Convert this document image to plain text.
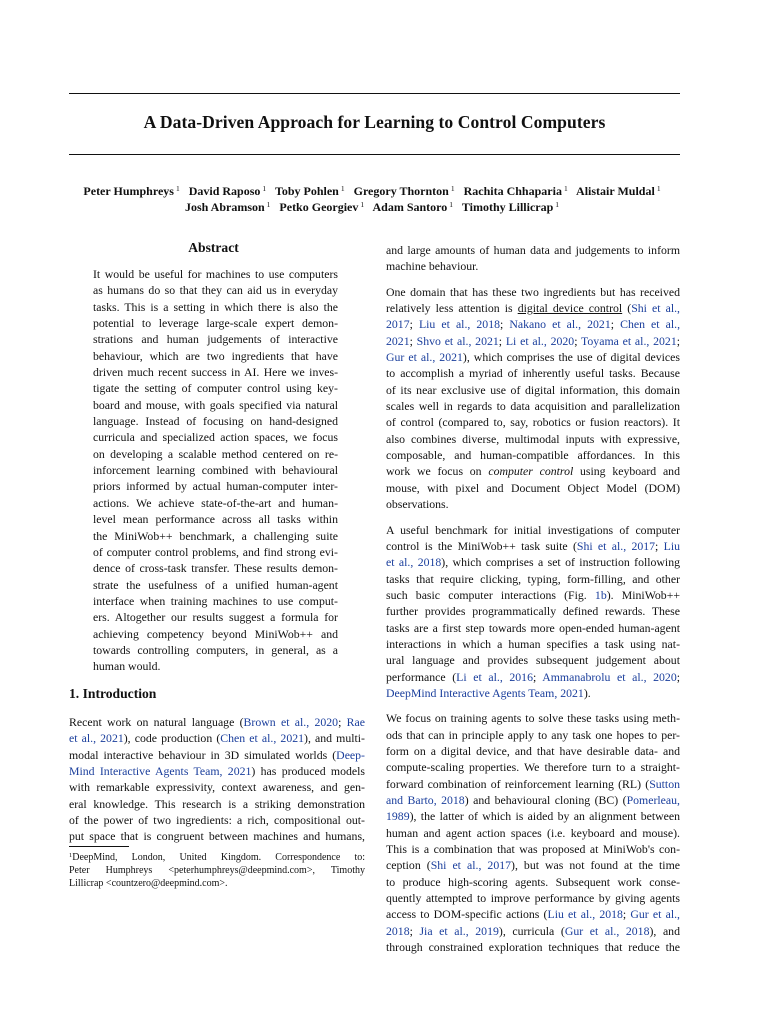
A Data-Driven Approach for Learning to Control Computers
Peter Humphreys $^1$ David Raposo $^1$ Toby Pohlen $^1$ Gregory Thornton $^1$ Rachita Chhaparia $^1$ Alistair Muldal $^1$
Josh Abramson $^1$ Petko Georgiev $^1$ Adam Santoro $^1$ Timothy Lillicrap $^1$
Abstract
It would be useful for machines to use computers
as humans do so that they can aid us in everyday
tasks. This is a setting in which there is also the
potential to leverage large-scale expert demon-
strations and human judgements of interactive
behaviour, which are two ingredients that have
driven much recent success in AI. Here we inves-
tigate the setting of computer control using key-
board and mouse, with goals specified via natural
language. Instead of focusing on hand-designed
curricula and specialized action spaces, we focus
on developing a scalable method centered on re-
inforcement learning combined with behavioural
priors informed by actual human-computer inter-
actions. We achieve state-of-the-art and human-
level mean performance across all tasks within
the MiniWob++ benchmark, a challenging suite
of computer control problems, and find strong evi-
dence of cross-task transfer. These results demon-
strate the usefulness of a unified human-agent
interface when training machines to use comput-
ers. Altogether our results suggest a formula for
achieving competency beyond MiniWob++ and
towards controlling computers, in general, as a
human would.
1. Introduction
Recent work on natural language (Brown et al., 2020; Rae
et al., 2021), code production (Chen et al., 2021), and multi-
modal interactive behaviour in 3D simulated worlds (Deep-
Mind Interactive Agents Team, 2021) has produced models
with remarkable expressivity, context awareness, and gen-
eral knowledge. This research is a striking demonstration
of the power of two ingredients: a rich, compositional out-
put space that is congruent between machines and humans,
$^1$DeepMind, London, United Kingdom. Correspondence to:
Peter Humphreys <peterhumphreys@deepmind.com>, Timothy
Lillicrap <countzero@deepmind.com>.

and large amounts of human data and judgements to inform
machine behaviour.

One domain that has these two ingredients but has received
relatively less attention is digital device control (Shi et al.,
2017; Liu et al., 2018; Nakano et al., 2021; Chen et al.,
2021; Shvo et al., 2021; Li et al., 2020; Toyama et al., 2021;
Gur et al., 2021), which comprises the use of digital devices
to accomplish a myriad of inherently useful tasks. Because
of its near exclusive use of digital information, this domain
scales well in regards to data acquisition and parallelization
of control (compared to, say, robotics or fusion reactors). It
also combines diverse, multimodal inputs with expressive,
composable, and human-compatible affordances. In this
work we focus on computer control using keyboard and
mouse, with pixel and Document Object Model (DOM)
observations.

A useful benchmark for initial investigations of computer
control is the MiniWob++ task suite (Shi et al., 2017; Liu
et al., 2018), which comprises a set of instruction following
tasks that require clicking, typing, form-filling, and other
such basic computer interactions (Fig. 1b). MiniWob++
further provides programmatically defined rewards. These
tasks are a first step towards more open-ended human-agent
interactions in which a human specifies a task using nat-
ural language and provides subsequent judgement about
performance (Li et al., 2016; Ammanabrolu et al., 2020;
DeepMind Interactive Agents Team, 2021).

We focus on training agents to solve these tasks using meth-
ods that can in principle apply to any task one hopes to per-
form on a digital device, and that have desirable data- and
compute-scaling properties. We therefore turn to a straight-
forward combination of reinforcement learning (RL) (Sutton
and Barto, 2018) and behavioural cloning (BC) (Pomerleau,
1989), the latter of which is aided by an alignment between
human and agent action spaces (i.e. keyboard and mouse).
This is a combination that was proposed at MiniWob's con-
ception (Shi et al., 2017), but was not found at the time
to produce high-scoring agents. Subsequent work conse-
quently attempted to improve performance by giving agents
access to DOM-specific actions (Liu et al., 2018; Gur et al.,
2018; Jia et al., 2019), curricula (Gur et al., 2018), and
through constrained exploration techniques that reduce the
